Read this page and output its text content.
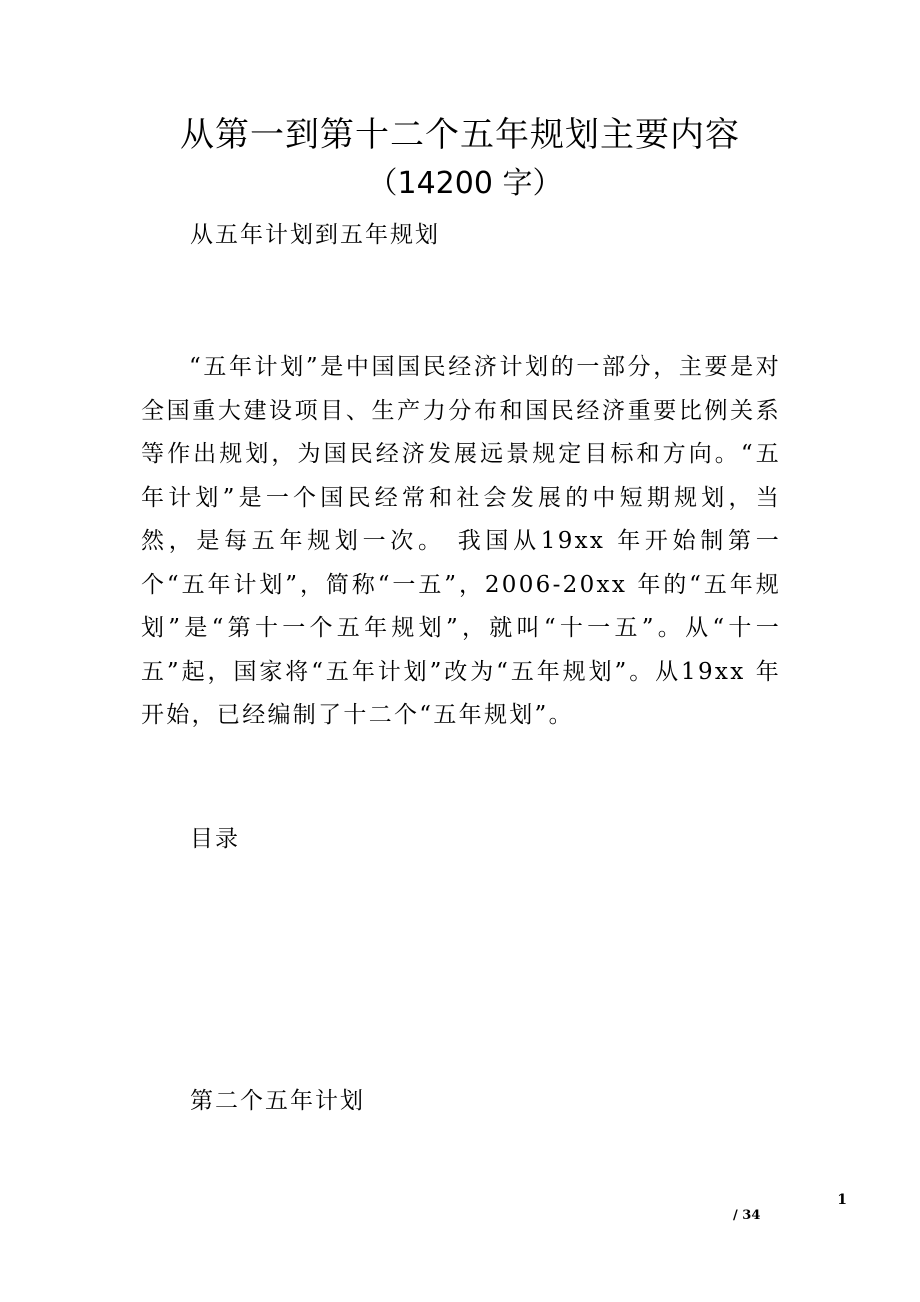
从第一到第十二个五年规划主要内容
（14200 字）

从五年计划到五年规划

“五年计划”是中国国民经济计划的一部分，主要是对全国重大建设项目、生产力分布和国民经济重要比例关系等作出规划，为国民经济发展远景规定目标和方向。“五年计划”是一个国民经常和社会发展的中短期规划，当然，是每五年规划一次。 我国从19xx 年开始制第一个“五年计划”，简称“一五”，2006-20xx 年的“五年规划”是“第十一个五年规划”，就叫“十一五”。从“十一五”起，国家将“五年计划”改为“五年规划”。从19xx 年开始，已经编制了十二个“五年规划”。

目录

第二个五年计划

1
/ 34
